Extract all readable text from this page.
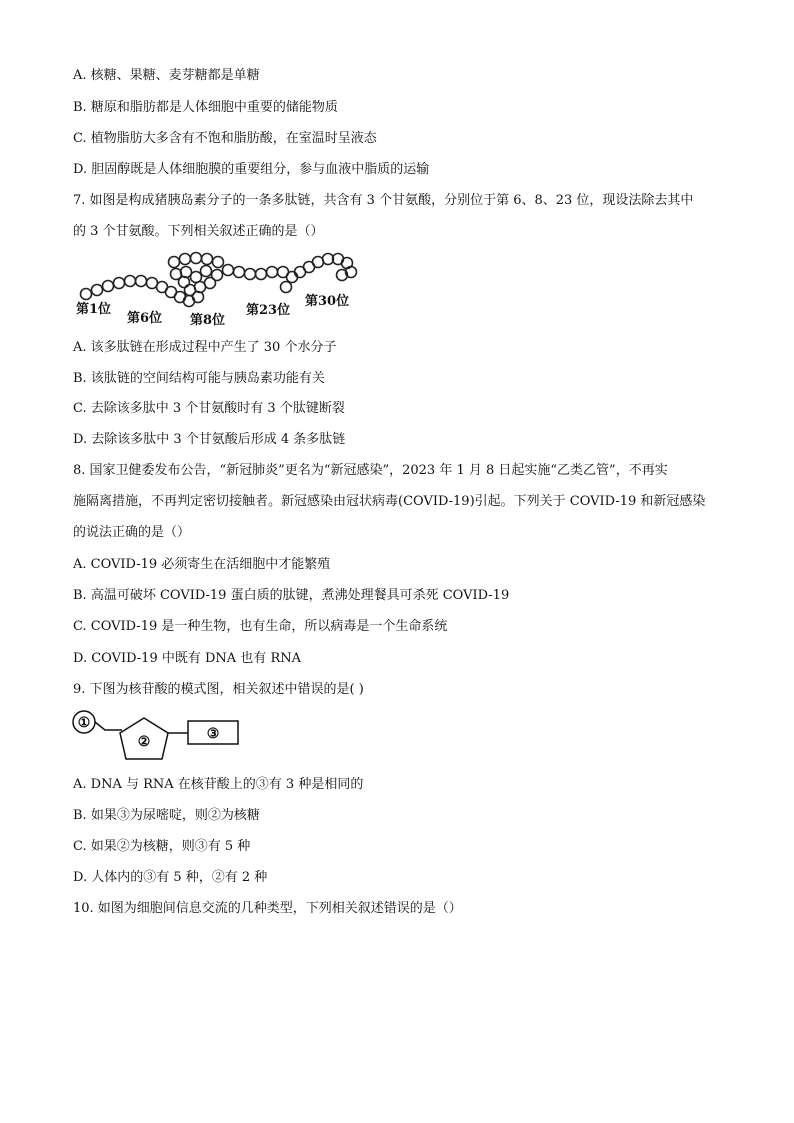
A. 核糖、果糖、麦芽糖都是单糖
B. 糖原和脂肪都是人体细胞中重要的储能物质
C. 植物脂肪大多含有不饱和脂肪酸，在室温时呈液态
D. 胆固醇既是人体细胞膜的重要组分，参与血液中脂质的运输
7. 如图是构成猪胰岛素分子的一条多肽链，共含有 3 个甘氨酸，分别位于第 6、8、23 位，现设法除去其中
的 3 个甘氨酸。下列相关叙述正确的是（）
第1位
第6位 第8位
第23位
第30位
A. 该多肽链在形成过程中产生了 30 个水分子
B. 该肽链的空间结构可能与胰岛素功能有关
C. 去除该多肽中 3 个甘氨酸时有 3 个肽键断裂
D. 去除该多肽中 3 个甘氨酸后形成 4 条多肽链
8. 国家卫健委发布公告，“新冠肺炎”更名为“新冠感染”，2023 年 1 月 8 日起实施“乙类乙管”，不再实
施隔离措施，不再判定密切接触者。新冠感染由冠状病毒(COVID-19)引起。下列关于 COVID-19 和新冠感染
的说法正确的是（）
A. COVID-19 必须寄生在活细胞中才能繁殖
B. 高温可破坏 COVID-19 蛋白质的肽键，煮沸处理餐具可杀死 COVID-19
C. COVID-19 是一种生物，也有生命，所以病毒是一个生命系统
D. COVID-19 中既有 DNA 也有 RNA
9. 下图为核苷酸的模式图，相关叙述中错误的是( )
①
②	③
A. DNA 与 RNA 在核苷酸上的③有 3 种是相同的
B. 如果③为尿嘧啶，则②为核糖
C. 如果②为核糖，则③有 5 种
D. 人体内的③有 5 种，②有 2 种
10. 如图为细胞间信息交流的几种类型，下列相关叙述错误的是（）
